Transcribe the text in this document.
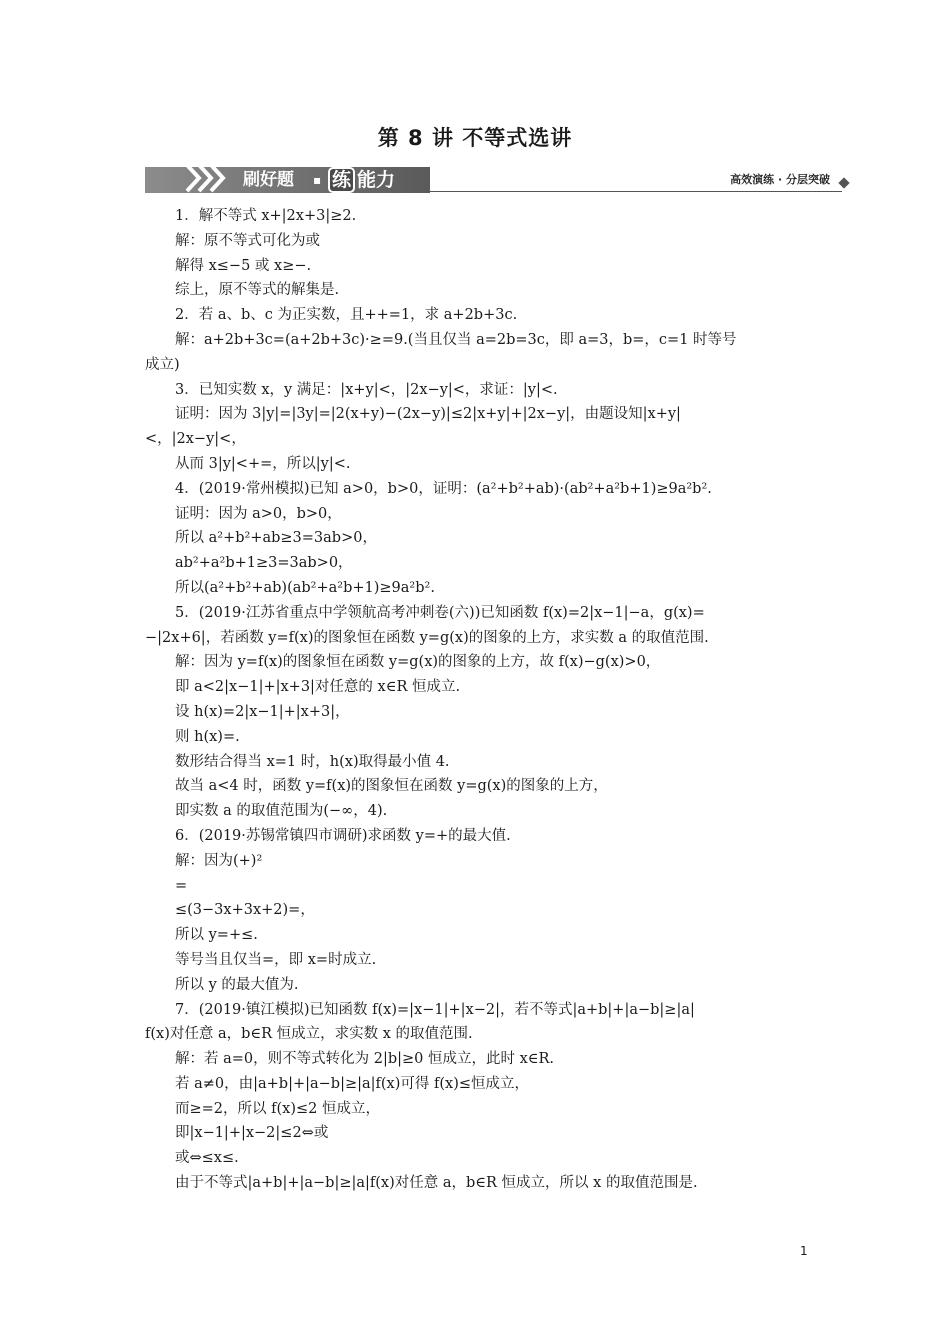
第 8 讲 不等式选讲
刷好题 ▪ 练 能力	高效演练 · 分层突破
1．解不等式 x+|2x+3|≥2.
解：原不等式可化为或
解得 x≤−5 或 x≥−.
综上，原不等式的解集是.
2．若 a、b、c 为正实数，且++=1，求 a+2b+3c.
解：a+2b+3c=(a+2b+3c)·≥=9.(当且仅当 a=2b=3c，即 a=3，b=，c=1 时等号
成立)
3．已知实数 x，y 满足：|x+y|<，|2x−y|<，求证：|y|<.
证明：因为 3|y|=|3y|=|2(x+y)−(2x−y)|≤2|x+y|+|2x−y|，由题设知|x+y|
<，|2x−y|<，
从而 3|y|<+=，所以|y|<.
4．(2019·常州模拟)已知 a>0，b>0，证明：(a²+b²+ab)·(ab²+a²b+1)≥9a²b².
证明：因为 a>0，b>0，
所以 a²+b²+ab≥3=3ab>0，
ab²+a²b+1≥3=3ab>0，
所以(a²+b²+ab)(ab²+a²b+1)≥9a²b².
5．(2019·江苏省重点中学领航高考冲刺卷(六))已知函数 f(x)=2|x−1|−a，g(x)=
−|2x+6|，若函数 y=f(x)的图象恒在函数 y=g(x)的图象的上方，求实数 a 的取值范围.
解：因为 y=f(x)的图象恒在函数 y=g(x)的图象的上方，故 f(x)−g(x)>0，
即 a<2|x−1|+|x+3|对任意的 x∈R 恒成立.
设 h(x)=2|x−1|+|x+3|，
则 h(x)=.
数形结合得当 x=1 时，h(x)取得最小值 4.
故当 a<4 时，函数 y=f(x)的图象恒在函数 y=g(x)的图象的上方，
即实数 a 的取值范围为(−∞，4).
6．(2019·苏锡常镇四市调研)求函数 y=+的最大值.
解：因为(+)²
=
≤(3−3x+3x+2)=，
所以 y=+≤.
等号当且仅当=，即 x=时成立.
所以 y 的最大值为.
7．(2019·镇江模拟)已知函数 f(x)=|x−1|+|x−2|，若不等式|a+b|+|a−b|≥|a|
f(x)对任意 a，b∈R 恒成立，求实数 x 的取值范围.
解：若 a=0，则不等式转化为 2|b|≥0 恒成立，此时 x∈R.
若 a≠0，由|a+b|+|a−b|≥|a|f(x)可得 f(x)≤恒成立，
而≥=2，所以 f(x)≤2 恒成立，
即|x−1|+|x−2|≤2⇔或
或⇔≤x≤.
由于不等式|a+b|+|a−b|≥|a|f(x)对任意 a，b∈R 恒成立，所以 x 的取值范围是.
1
